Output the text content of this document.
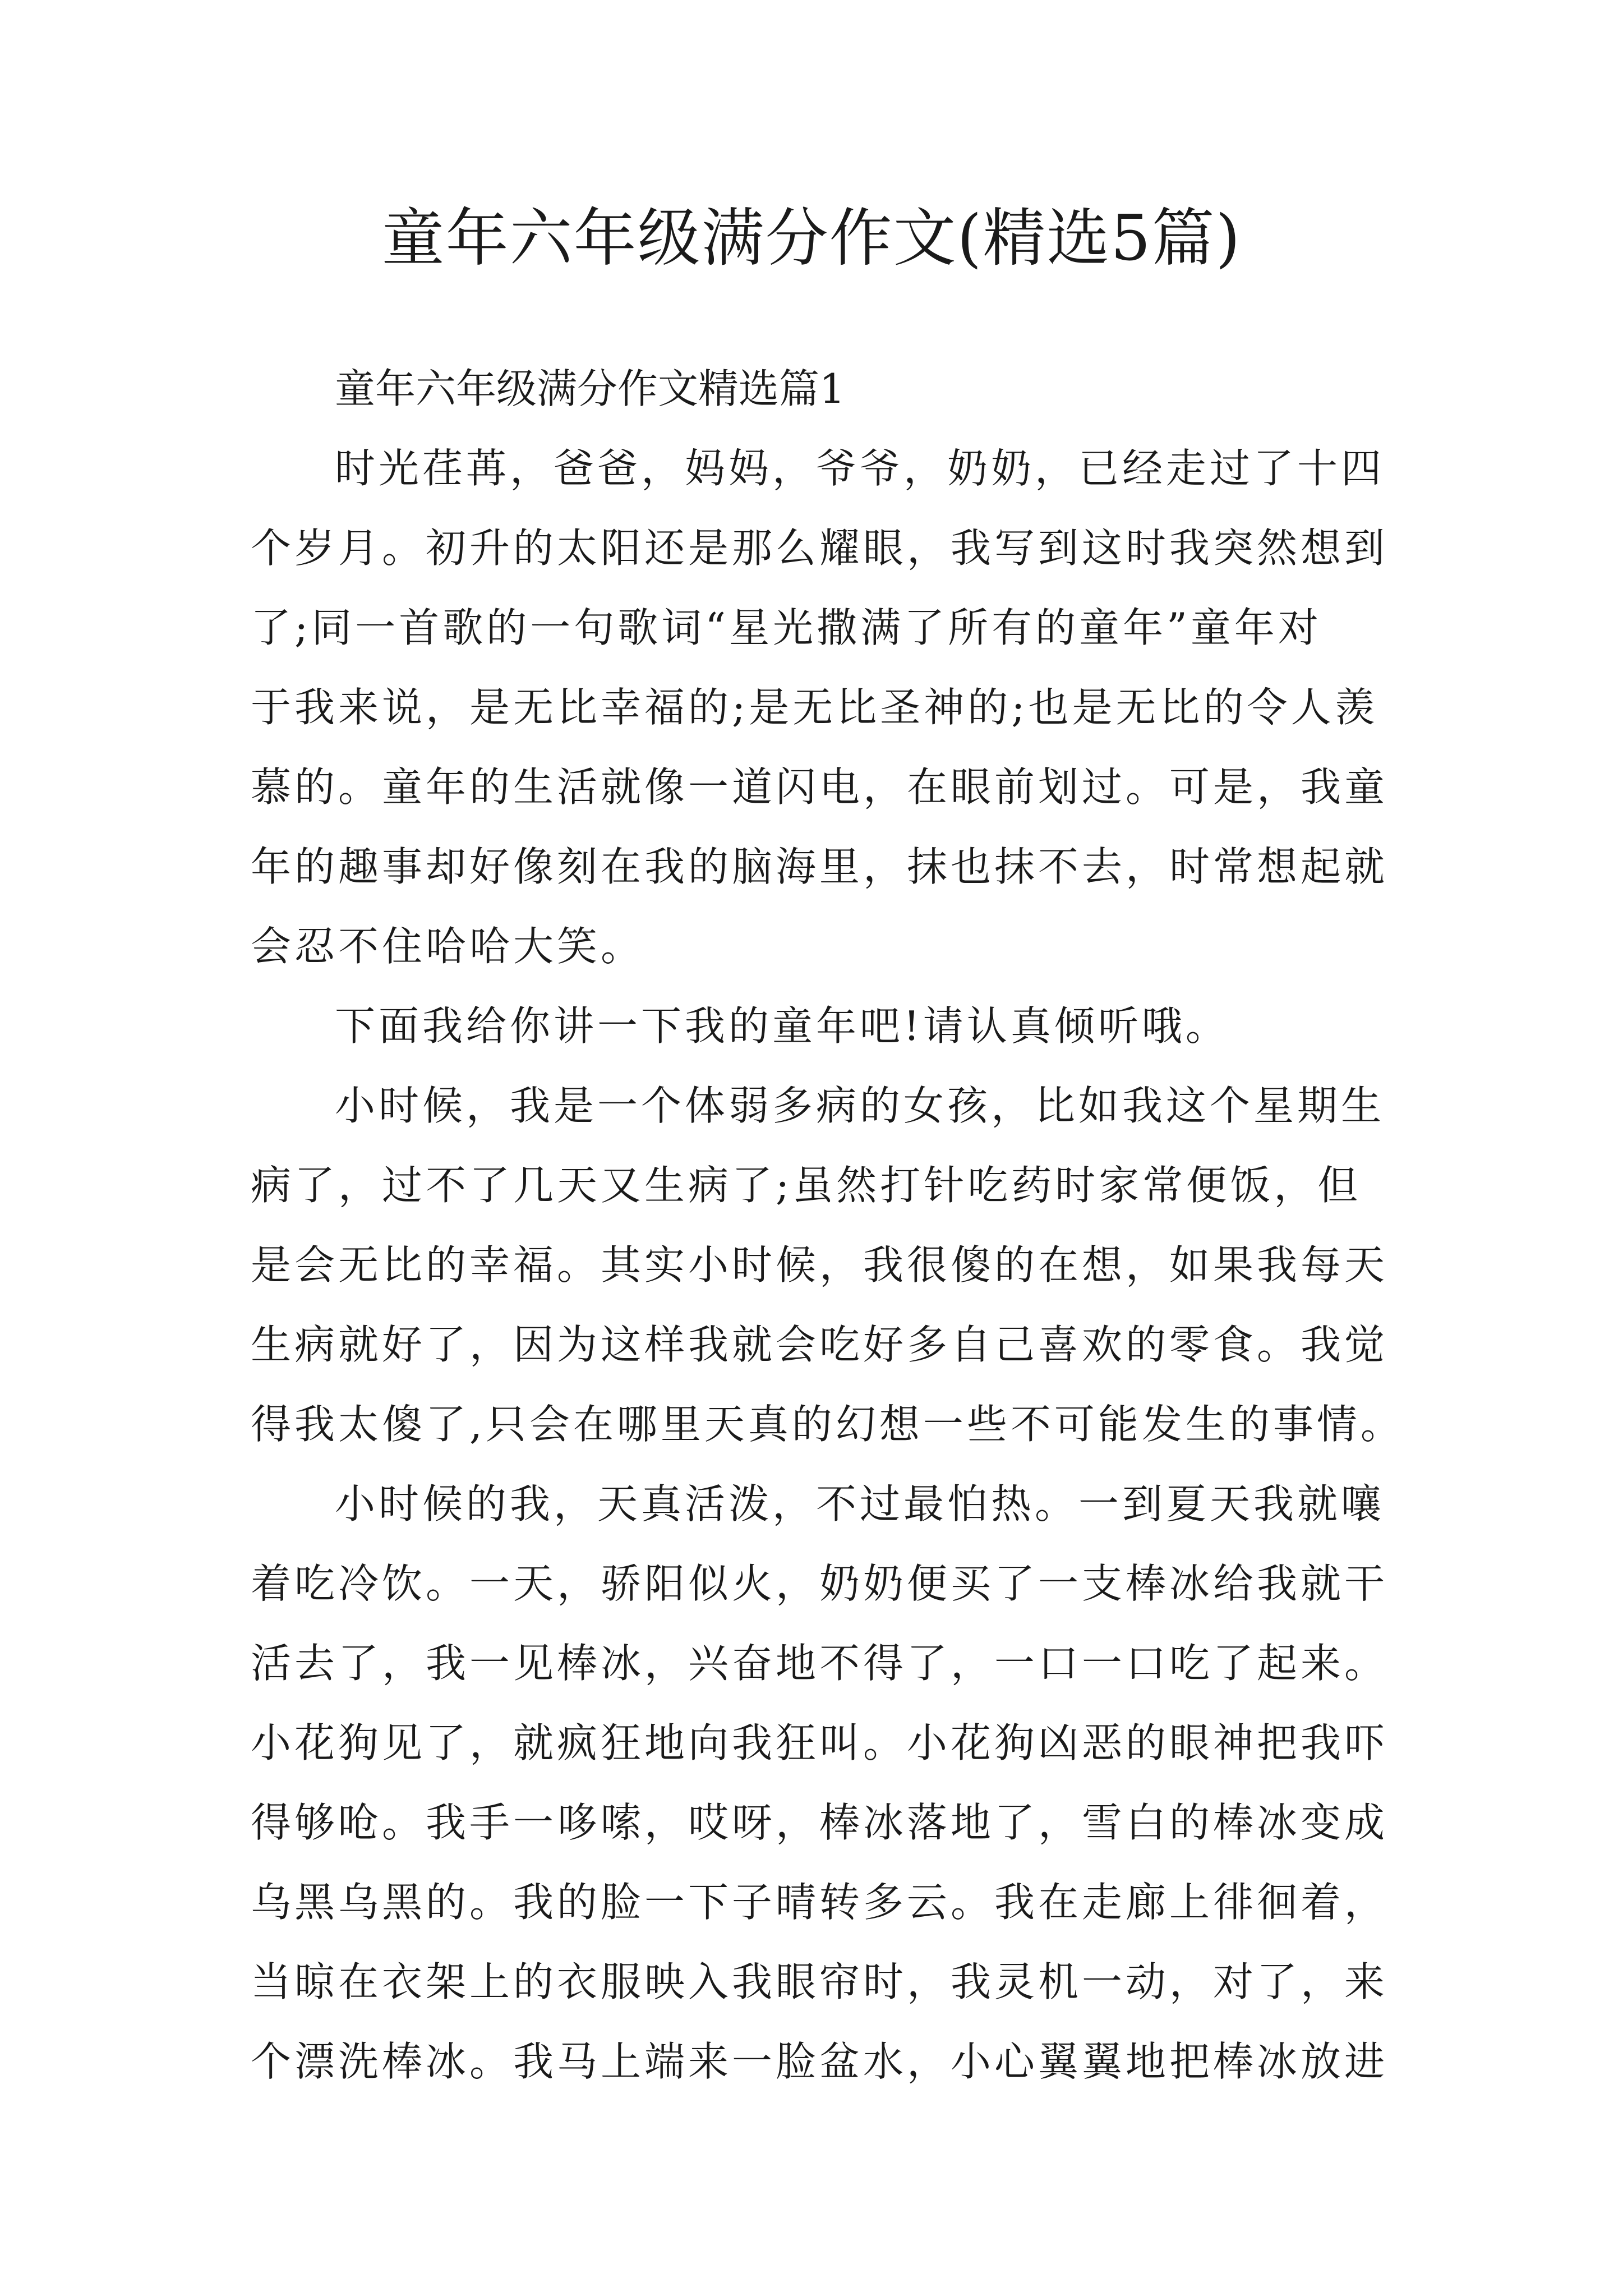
童年六年级满分作文(精选5篇)

童年六年级满分作文精选篇1

时光荏苒，爸爸，妈妈，爷爷，奶奶，已经走过了十四

个岁月。初升的太阳还是那么耀眼，我写到这时我突然想到

了;同一首歌的一句歌词“星光撒满了所有的童年”童年对

于我来说，是无比幸福的;是无比圣神的;也是无比的令人羡

慕的。童年的生活就像一道闪电，在眼前划过。可是，我童

年的趣事却好像刻在我的脑海里，抹也抹不去，时常想起就

会忍不住哈哈大笑。

下面我给你讲一下我的童年吧!请认真倾听哦。

小时候，我是一个体弱多病的女孩，比如我这个星期生

病了，过不了几天又生病了;虽然打针吃药时家常便饭，但

是会无比的幸福。其实小时候，我很傻的在想，如果我每天

生病就好了，因为这样我就会吃好多自己喜欢的零食。我觉

得我太傻了,只会在哪里天真的幻想一些不可能发生的事情。

小时候的我，天真活泼，不过最怕热。一到夏天我就嚷

着吃冷饮。一天，骄阳似火，奶奶便买了一支棒冰给我就干

活去了，我一见棒冰，兴奋地不得了，一口一口吃了起来。

小花狗见了，就疯狂地向我狂叫。小花狗凶恶的眼神把我吓

得够呛。我手一哆嗦，哎呀，棒冰落地了，雪白的棒冰变成

乌黑乌黑的。我的脸一下子晴转多云。我在走廊上徘徊着，

当晾在衣架上的衣服映入我眼帘时，我灵机一动，对了，来

个漂洗棒冰。我马上端来一脸盆水，小心翼翼地把棒冰放进
